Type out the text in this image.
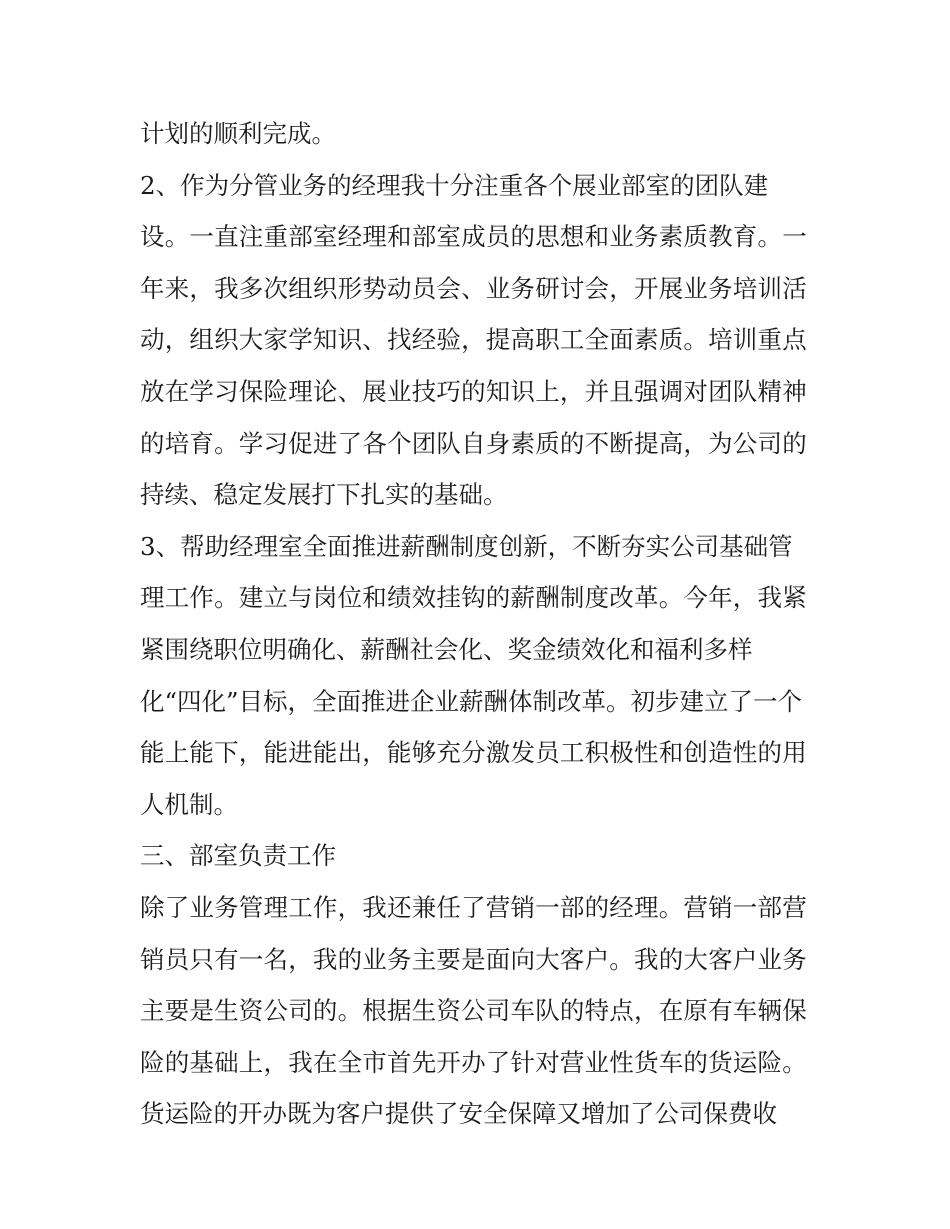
计划的顺利完成。
2、作为分管业务的经理我十分注重各个展业部室的团队建
设。一直注重部室经理和部室成员的思想和业务素质教育。一
年来，我多次组织形势动员会、业务研讨会，开展业务培训活
动，组织大家学知识、找经验，提高职工全面素质。培训重点
放在学习保险理论、展业技巧的知识上，并且强调对团队精神
的培育。学习促进了各个团队自身素质的不断提高，为公司的
持续、稳定发展打下扎实的基础。
3、帮助经理室全面推进薪酬制度创新，不断夯实公司基础管
理工作。建立与岗位和绩效挂钩的薪酬制度改革。今年，我紧
紧围绕职位明确化、薪酬社会化、奖金绩效化和福利多样
化“四化”目标，全面推进企业薪酬体制改革。初步建立了一个
能上能下，能进能出，能够充分激发员工积极性和创造性的用
人机制。
三、部室负责工作
除了业务管理工作，我还兼任了营销一部的经理。营销一部营
销员只有一名，我的业务主要是面向大客户。我的大客户业务
主要是生资公司的。根据生资公司车队的特点，在原有车辆保
险的基础上，我在全市首先开办了针对营业性货车的货运险。
货运险的开办既为客户提供了安全保障又增加了公司保费收
